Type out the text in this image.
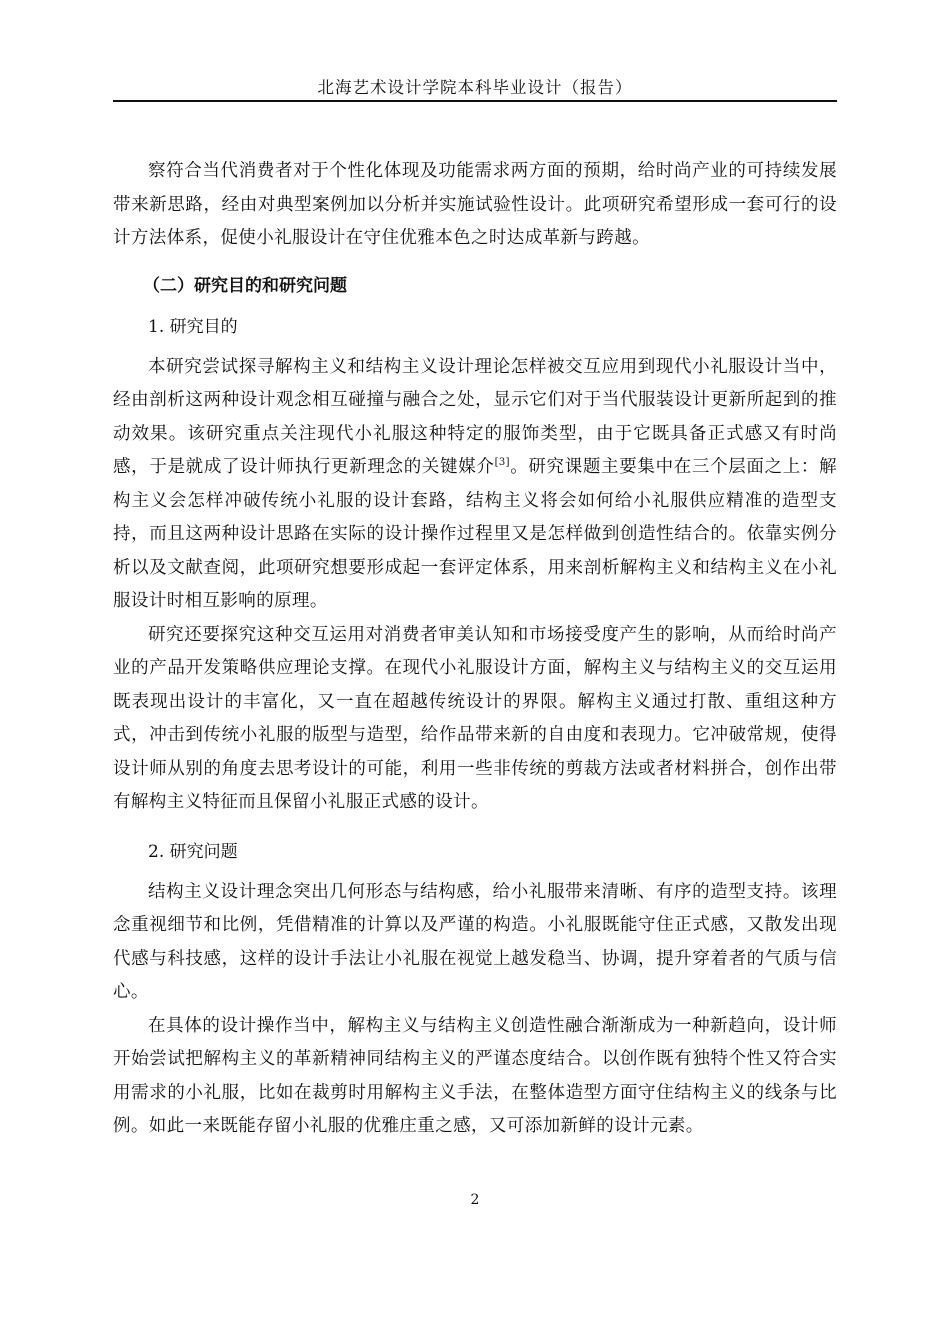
北海艺术设计学院本科毕业设计（报告）

察符合当代消费者对于个性化体现及功能需求两方面的预期，给时尚产业的可持续发展带来新思路，经由对典型案例加以分析并实施试验性设计。此项研究希望形成一套可行的设计方法体系，促使小礼服设计在守住优雅本色之时达成革新与跨越。

（二）研究目的和研究问题
1. 研究目的

本研究尝试探寻解构主义和结构主义设计理论怎样被交互应用到现代小礼服设计当中，经由剖析这两种设计观念相互碰撞与融合之处，显示它们对于当代服装设计更新所起到的推动效果。该研究重点关注现代小礼服这种特定的服饰类型，由于它既具备正式感又有时尚感，于是就成了设计师执行更新理念的关键媒介[3]。研究课题主要集中在三个层面之上：解构主义会怎样冲破传统小礼服的设计套路，结构主义将会如何给小礼服供应精准的造型支持，而且这两种设计思路在实际的设计操作过程里又是怎样做到创造性结合的。依靠实例分析以及文献查阅，此项研究想要形成起一套评定体系，用来剖析解构主义和结构主义在小礼服设计时相互影响的原理。

研究还要探究这种交互运用对消费者审美认知和市场接受度产生的影响，从而给时尚产业的产品开发策略供应理论支撑。在现代小礼服设计方面，解构主义与结构主义的交互运用既表现出设计的丰富化，又一直在超越传统设计的界限。解构主义通过打散、重组这种方式，冲击到传统小礼服的版型与造型，给作品带来新的自由度和表现力。它冲破常规，使得设计师从别的角度去思考设计的可能，利用一些非传统的剪裁方法或者材料拼合，创作出带有解构主义特征而且保留小礼服正式感的设计。

2. 研究问题

结构主义设计理念突出几何形态与结构感，给小礼服带来清晰、有序的造型支持。该理念重视细节和比例，凭借精准的计算以及严谨的构造。小礼服既能守住正式感，又散发出现代感与科技感，这样的设计手法让小礼服在视觉上越发稳当、协调，提升穿着者的气质与信心。

在具体的设计操作当中，解构主义与结构主义创造性融合渐渐成为一种新趋向，设计师开始尝试把解构主义的革新精神同结构主义的严谨态度结合。以创作既有独特个性又符合实用需求的小礼服，比如在裁剪时用解构主义手法，在整体造型方面守住结构主义的线条与比例。如此一来既能存留小礼服的优雅庄重之感，又可添加新鲜的设计元素。

2
